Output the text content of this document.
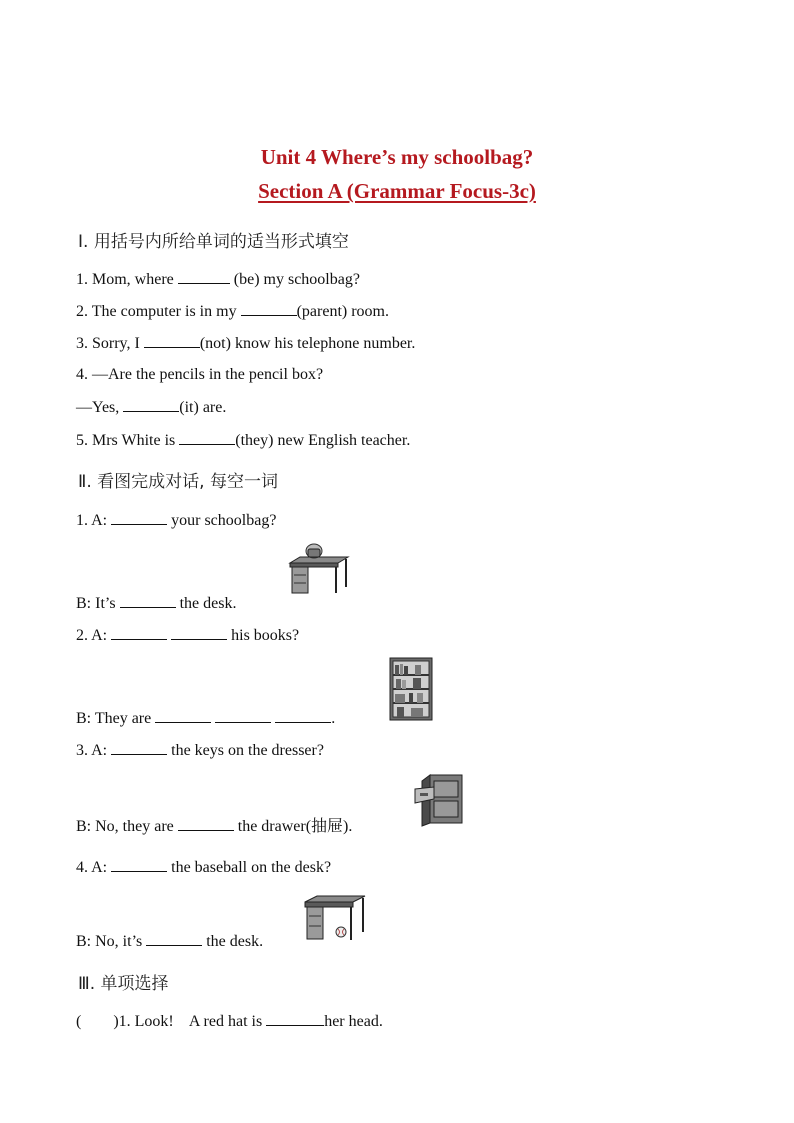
Unit 4 Where’s my schoolbag?
Section A (Grammar Focus-3c)
Ⅰ. 用括号内所给单词的适当形式填空
1. Mom, where	(be) my schoolbag?
2. The computer is in my	(parent) room.
3. Sorry, I	(not) know his telephone number.
4. —Are the pencils in the pencil box?
—Yes,	(it) are.
5. Mrs White is	(they) new English teacher.
Ⅱ. 看图完成对话, 每空一词
1. A:	your schoolbag?
B: It’s	the desk.
2. A:	his books?
B: They are	.
3. A:	the keys on the dresser?
B: No, they are	the drawer(抽屉).
4. A:	the baseball on the desk?
B: No, it’s	the desk.
Ⅲ. 单项选择
(        )1. Look!    A red hat is	her head.
